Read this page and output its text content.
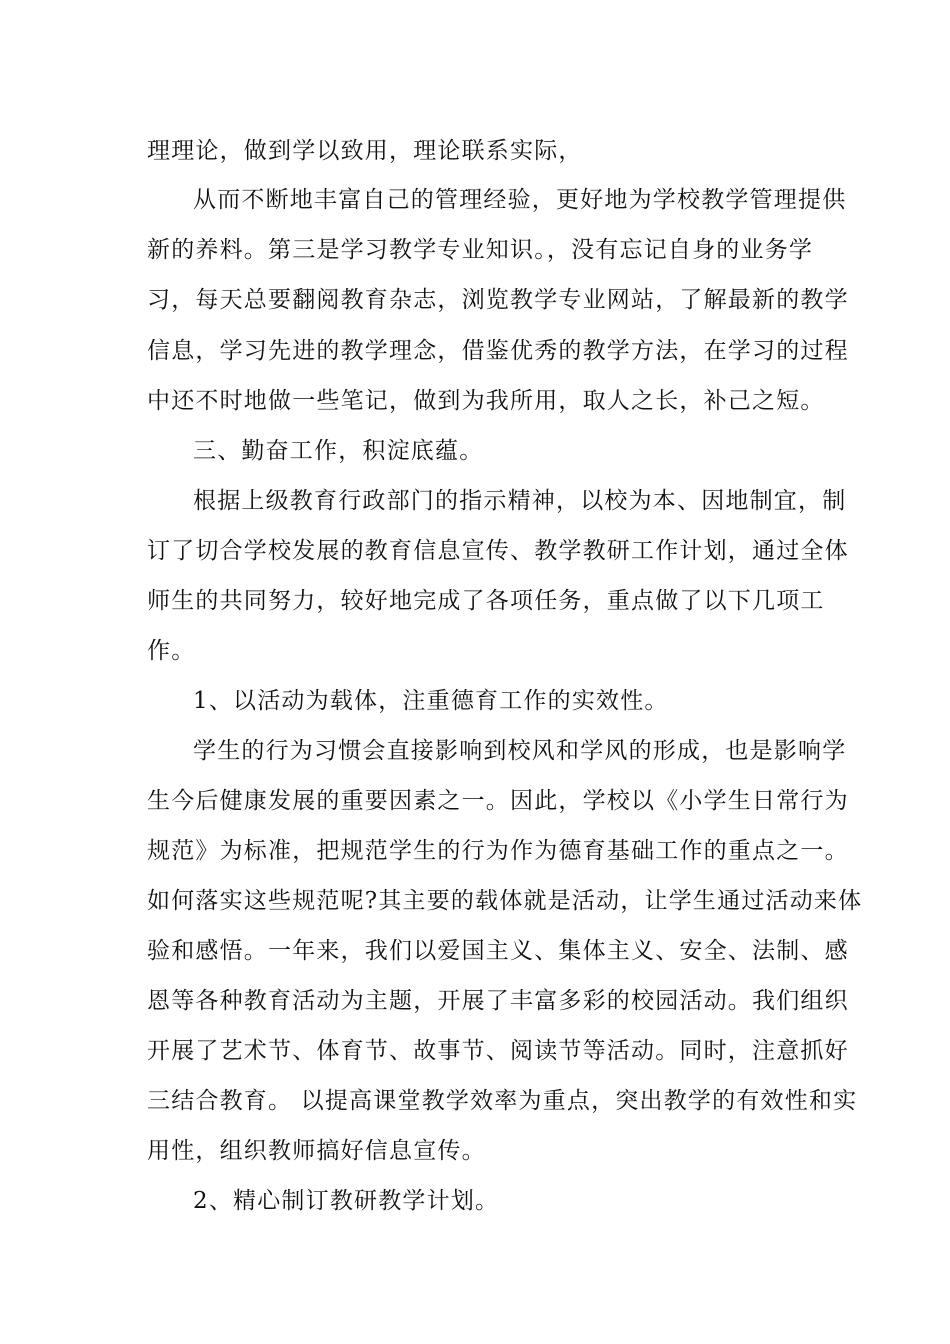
理理论，做到学以致用，理论联系实际，
从而不断地丰富自己的管理经验，更好地为学校教学管理提供
新的养料。第三是学习教学专业知识。，没有忘记自身的业务学
习，每天总要翻阅教育杂志，浏览教学专业网站，了解最新的教学
信息，学习先进的教学理念，借鉴优秀的教学方法，在学习的过程
中还不时地做一些笔记，做到为我所用，取人之长，补己之短。
三、勤奋工作，积淀底蕴。
根据上级教育行政部门的指示精神，以校为本、因地制宜，制
订了切合学校发展的教育信息宣传、教学教研工作计划，通过全体
师生的共同努力，较好地完成了各项任务，重点做了以下几项工
作。
1、以活动为载体，注重德育工作的实效性。
学生的行为习惯会直接影响到校风和学风的形成，也是影响学
生今后健康发展的重要因素之一。因此，学校以《小学生日常行为
规范》为标准，把规范学生的行为作为德育基础工作的重点之一。
如何落实这些规范呢?其主要的载体就是活动，让学生通过活动来体
验和感悟。一年来，我们以爱国主义、集体主义、安全、法制、感
恩等各种教育活动为主题，开展了丰富多彩的校园活动。我们组织
开展了艺术节、体育节、故事节、阅读节等活动。同时，注意抓好
三结合教育。 以提高课堂教学效率为重点，突出教学的有效性和实
用性，组织教师搞好信息宣传。
2、精心制订教研教学计划。
